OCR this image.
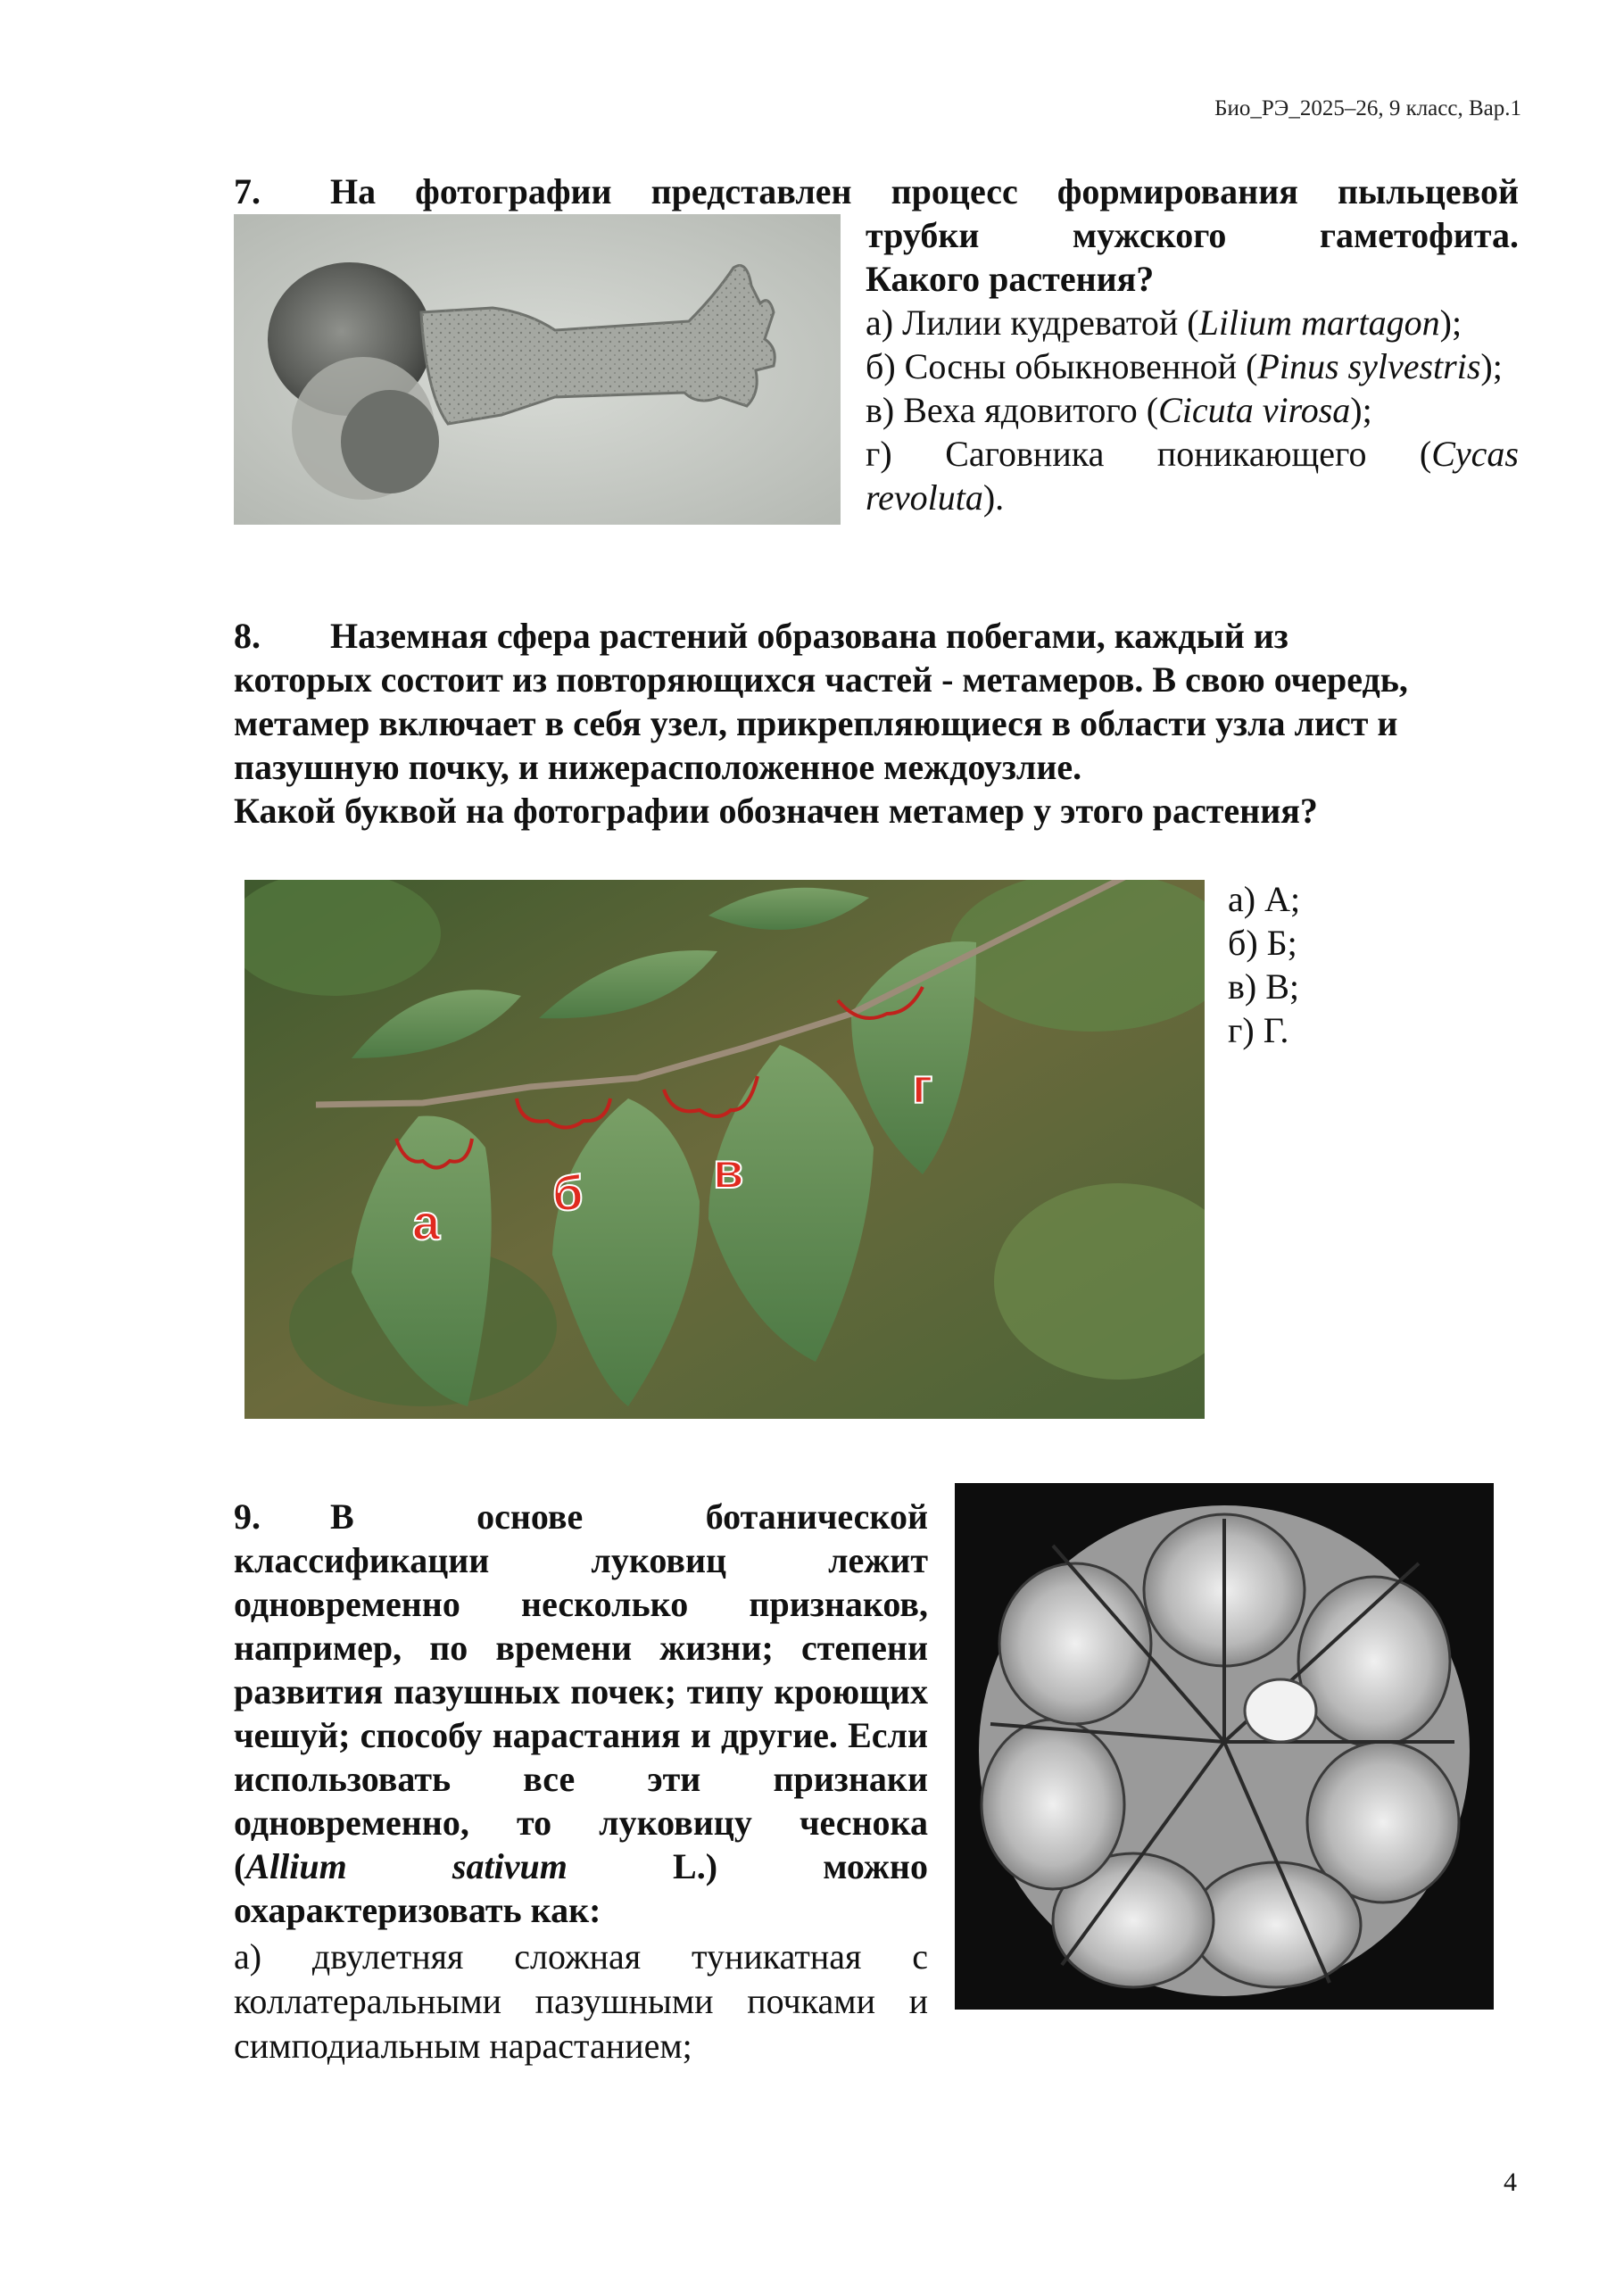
Био_РЭ_2025–26, 9 класс, Вар.1
7. На фотографии представлен процесс формирования пыльцевой
трубки мужского гаметофита.
Какого растения?
а) Лилии кудреватой (Lilium martagon);
б) Сосны обыкновенной (Pinus sylvestris);
в) Веха ядовитого (Cicuta virosa);
г) Саговника поникающего (Cycas revoluta).
8. Наземная сфера растений образована побегами, каждый из
которых состоит из повторяющихся частей - метамеров. В свою очередь, метамер включает в себя узел, прикрепляющиеся в области узла лист и пазушную почку, и нижерасположенное междоузлие.
Какой буквой на фотографии обозначен метамер у этого растения?
а
б	в
г
а) А;
б) Б;
в) В;
г) Г.
9. В основе ботанической классификации луковиц лежит одновременно несколько признаков, например, по времени жизни; степени развития пазушных почек; типу кроющих чешуй; способу нарастания и другие. Если использовать все эти признаки одновременно, то луковицу чеснока (Allium sativum L.) можно охарактеризовать как:
а) двулетняя сложная туникатная с коллатеральными пазушными почками и симподиальным нарастанием;
4
